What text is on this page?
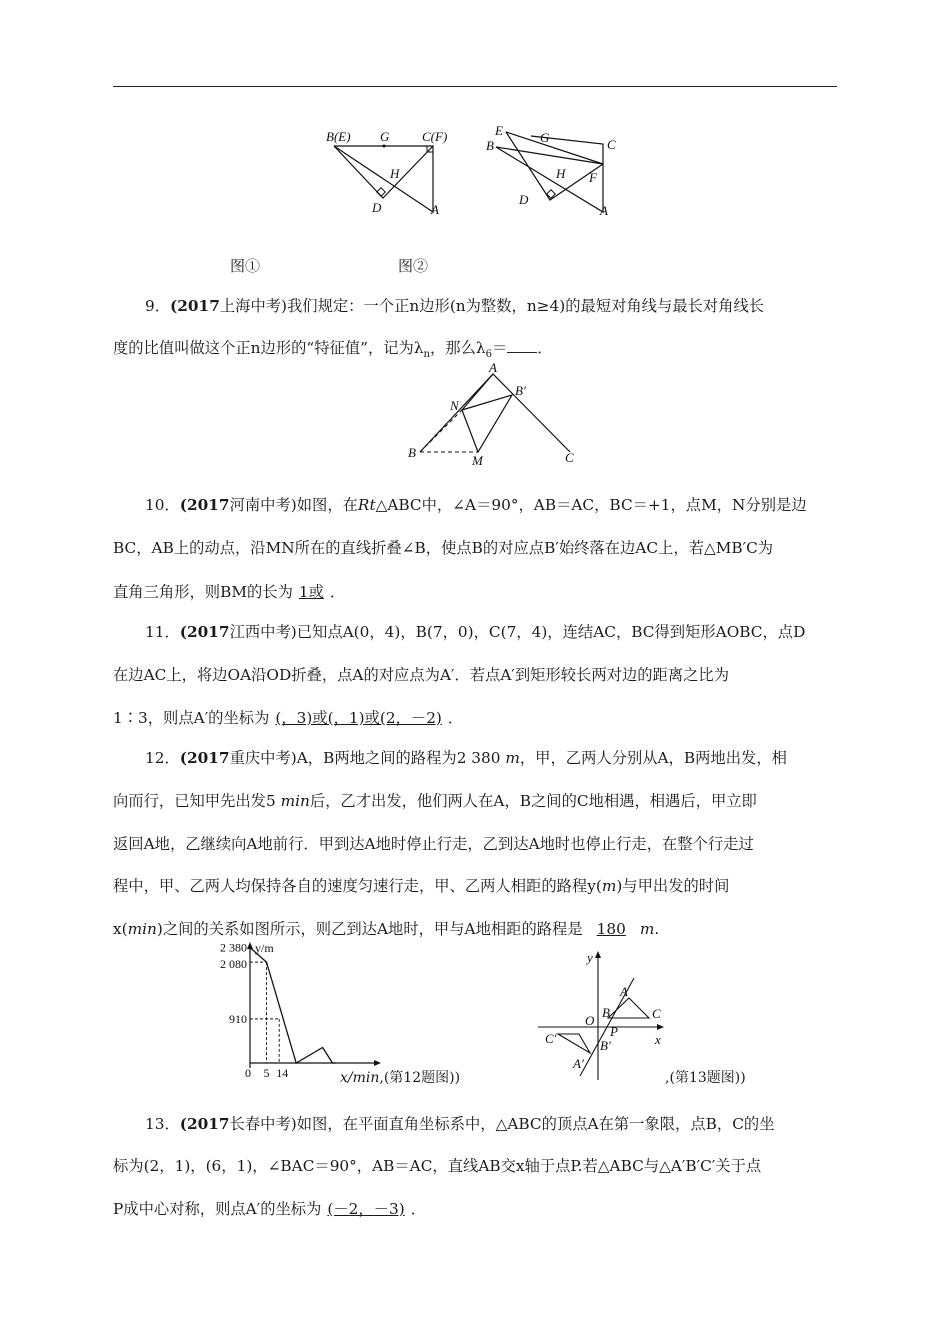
B(E) G	C(F)
H
D	A
E
B
G	C
H F
D
A
图①	图②
9．(2017上海中考)我们规定：一个正n边形(n为整数，n≥4)的最短对角线与最长对角线长
度的比值叫做这个正n边形的“特征值”，记为$\lambda_n$，那么$\lambda_6=$ ．
A
N
B′
B
M	C
10．(2017河南中考)如图，在Rt△ABC中，∠A＝90°，AB＝AC，BC＝+1，点M，N分别是边
BC，AB上的动点，沿MN所在的直线折叠∠B，使点B的对应点B′始终落在边AC上，若△MB′C为
直角三角形，则BM的长为 1或 ．
11．(2017江西中考)已知点A(0，4)，B(7，0)，C(7，4)，连结AC，BC得到矩形AOBC，点D
在边AC上，将边OA沿OD折叠，点A的对应点为A′．若点A′到矩形较长两对边的距离之比为
1∶3，则点A′的坐标为 (，3)或(，1)或(2，－2) ．
12．(2017重庆中考)A，B两地之间的路程为2 380 m，甲，乙两人分别从A，B两地出发，相
向而行，已知甲先出发5 min后，乙才出发，他们两人在A，B之间的C地相遇，相遇后，甲立即
返回A地，乙继续向A地前行．甲到达A地时停止行走，乙到达A地时也停止行走，在整个行走过
程中，甲、乙两人均保持各自的速度匀速行走，甲、乙两人相距的路程y(m)与甲出发的时间
x(min)之间的关系如图所示，则乙到达A地时，甲与A地相距的路程是 180 m.
2 380
2 080
910
0 5 14
y/m
x/min,(第12题图))
y
x
O
A
B	C
P
C′	B′
A′
,(第13题图))
13．(2017长春中考)如图，在平面直角坐标系中，△ABC的顶点A在第一象限，点B，C的坐
标为(2，1)，(6，1)，∠BAC＝90°，AB＝AC，直线AB交x轴于点P.若△ABC与△A′B′C′关于点
P成中心对称，则点A′的坐标为 (－2，－3) ．
